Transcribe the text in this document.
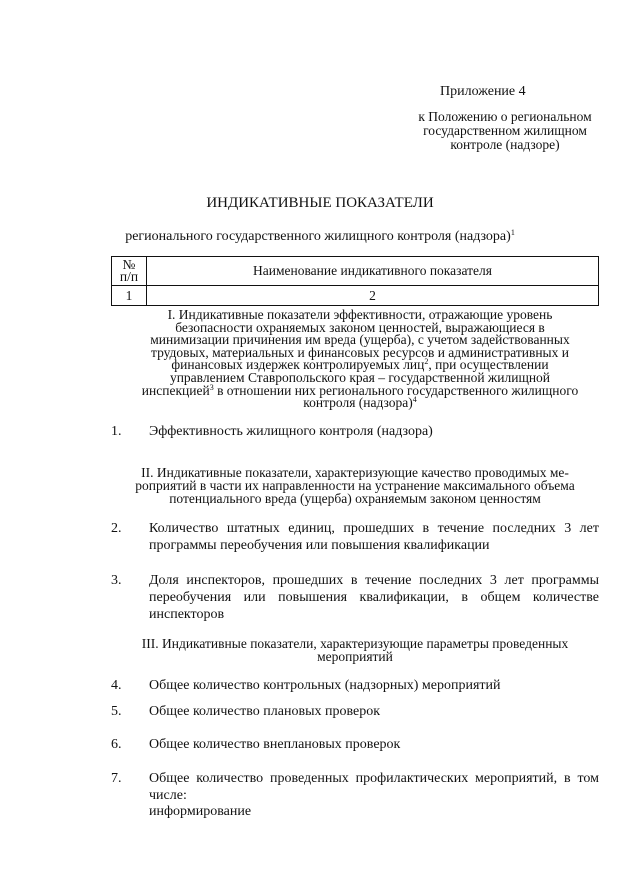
Приложение 4
к Положению о региональном
государственном жилищном
контроле (надзоре)
ИНДИКАТИВНЫЕ ПОКАЗАТЕЛИ
регионального государственного жилищного контроля (надзора)$^1$
№
п/п	Наименование индикативного показателя
1	2
I. Индикативные показатели эффективности, отражающие уровень
безопасности охраняемых законом ценностей, выражающиеся в
минимизации причинения им вреда (ущерба), с учетом задействованных
трудовых, материальных и финансовых ресурсов и административных и
финансовых издержек контролируемых лиц$^2$, при осуществлении
управлением Ставропольского края – государственной жилищной
инспекцией$^3$ в отношении них регионального государственного жилищного
контроля (надзора)$^4$
1.	Эффективность жилищного контроля (надзора)
II. Индикативные показатели, характеризующие качество проводимых ме-
роприятий в части их направленности на устранение максимального объема
потенциального вреда (ущерба) охраняемым законом ценностям
2.	Количество штатных единиц, прошедших в течение последних 3 лет программы переобучения или повышения квалификации
3.	Доля инспекторов, прошедших в течение последних 3 лет программы переобучения или повышения квалификации, в общем количестве инспекторов
III. Индикативные показатели, характеризующие параметры проведенных
мероприятий
4.	Общее количество контрольных (надзорных) мероприятий
5.	Общее количество плановых проверок
6.	Общее количество внеплановых проверок
7.	Общее количество проведенных профилактических мероприятий, в том числе:
информирование
